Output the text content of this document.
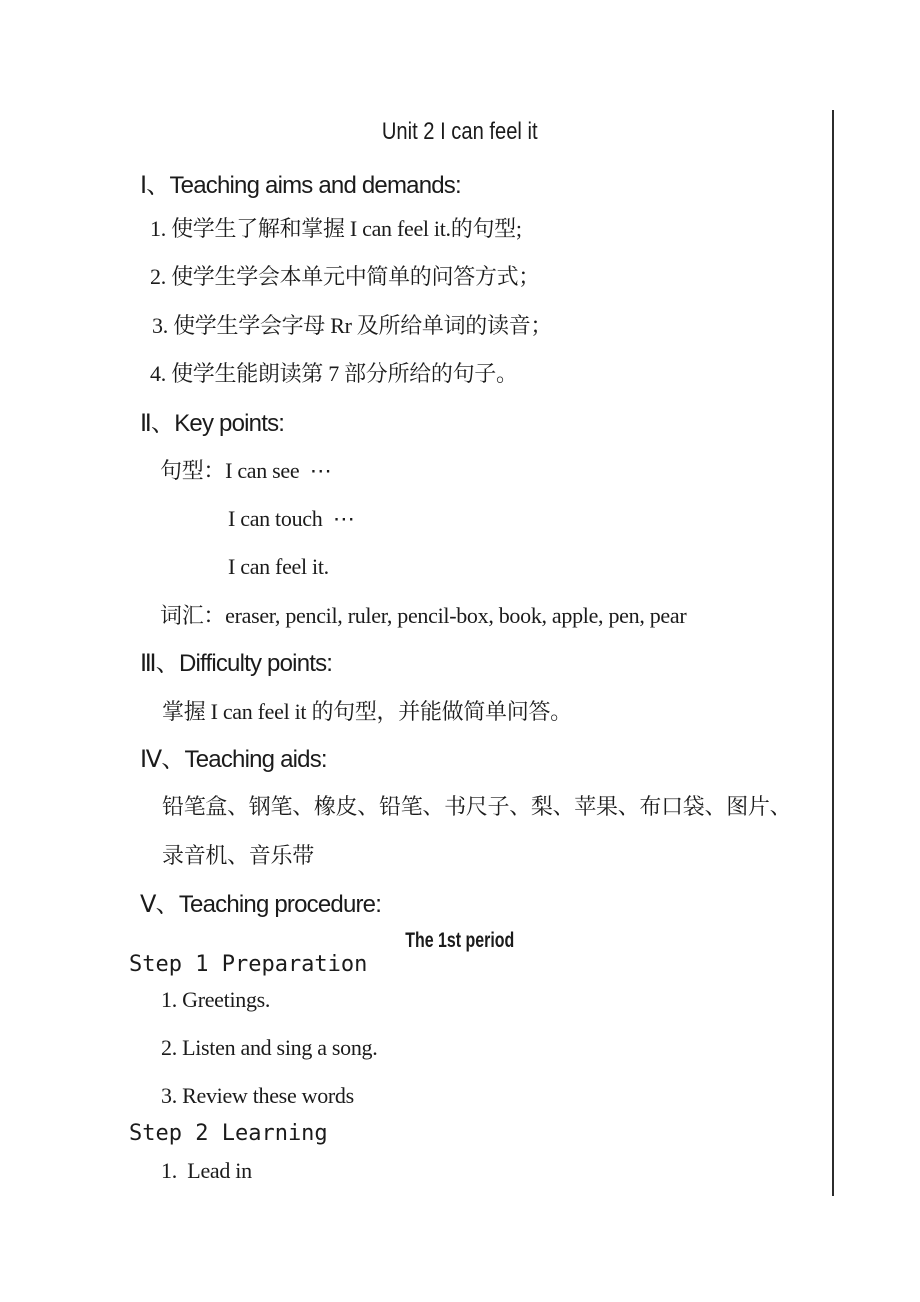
Unit 2 I can feel it
Ⅰ、Teaching aims and demands:
1. 使学生了解和掌握 I can feel it.的句型;
2. 使学生学会本单元中简单的问答方式；
3. 使学生学会字母 Rr 及所给单词的读音；
4. 使学生能朗读第 7 部分所给的句子。
Ⅱ、Key points:
句型：I can see  ⋯
I can touch  ⋯
I can feel it.
词汇：eraser, pencil, ruler, pencil-box, book, apple, pen, pear
Ⅲ、Difficulty points:
掌握 I can feel it 的句型，并能做简单问答。
Ⅳ、Teaching aids:
铅笔盒、钢笔、橡皮、铅笔、书尺子、梨、苹果、布口袋、图片、
录音机、音乐带
Ⅴ、Teaching procedure:
The 1st period
Step 1 Preparation
1. Greetings.
2. Listen and sing a song.
3. Review these words
Step 2 Learning
1.  Lead in
